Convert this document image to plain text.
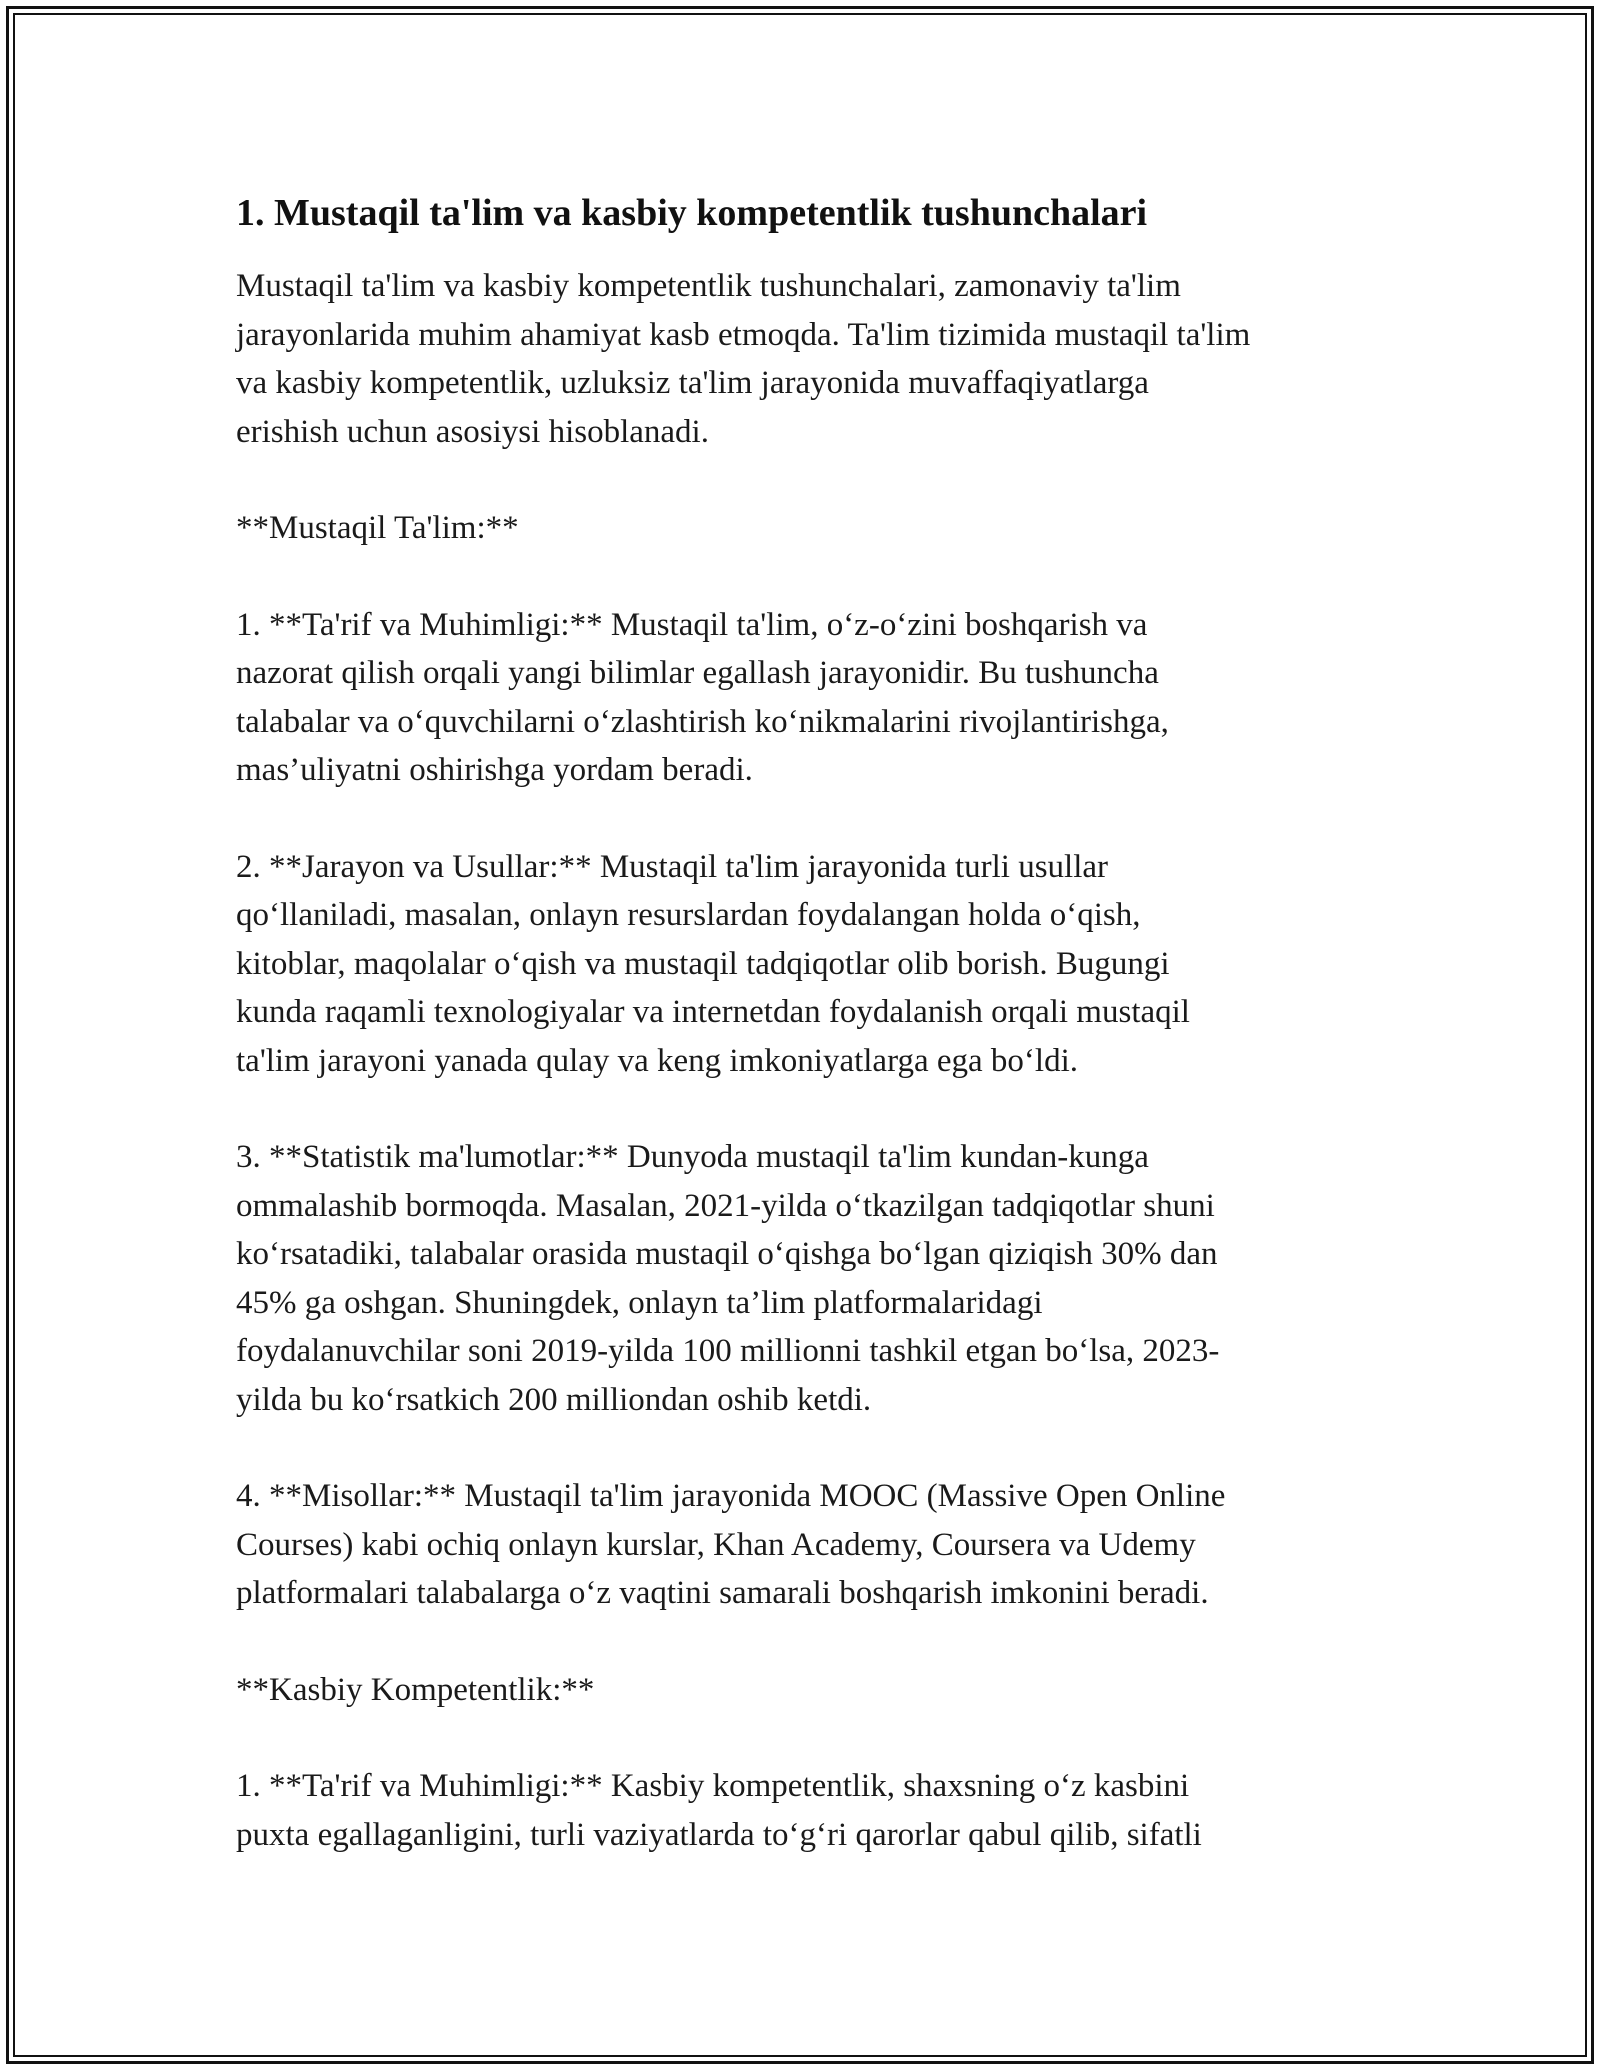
1. Mustaqil ta'lim va kasbiy kompetentlik tushunchalari

Mustaqil ta'lim va kasbiy kompetentlik tushunchalari, zamonaviy ta'lim
jarayonlarida muhim ahamiyat kasb etmoqda. Ta'lim tizimida mustaqil ta'lim
va kasbiy kompetentlik, uzluksiz ta'lim jarayonida muvaffaqiyatlarga
erishish uchun asosiysi hisoblanadi.

**Mustaqil Ta'lim:**

1. **Ta'rif va Muhimligi:** Mustaqil ta'lim, o‘z-o‘zini boshqarish va
nazorat qilish orqali yangi bilimlar egallash jarayonidir. Bu tushuncha
talabalar va o‘quvchilarni o‘zlashtirish ko‘nikmalarini rivojlantirishga,
mas’uliyatni oshirishga yordam beradi.

2. **Jarayon va Usullar:** Mustaqil ta'lim jarayonida turli usullar
qo‘llaniladi, masalan, onlayn resurslardan foydalangan holda o‘qish,
kitoblar, maqolalar o‘qish va mustaqil tadqiqotlar olib borish. Bugungi
kunda raqamli texnologiyalar va internetdan foydalanish orqali mustaqil
ta'lim jarayoni yanada qulay va keng imkoniyatlarga ega bo‘ldi.

3. **Statistik ma'lumotlar:** Dunyoda mustaqil ta'lim kundan-kunga
ommalashib bormoqda. Masalan, 2021-yilda o‘tkazilgan tadqiqotlar shuni
ko‘rsatadiki, talabalar orasida mustaqil o‘qishga bo‘lgan qiziqish 30% dan
45% ga oshgan. Shuningdek, onlayn ta’lim platformalaridagi
foydalanuvchilar soni 2019-yilda 100 millionni tashkil etgan bo‘lsa, 2023-
yilda bu ko‘rsatkich 200 milliondan oshib ketdi.

4. **Misollar:** Mustaqil ta'lim jarayonida MOOC (Massive Open Online
Courses) kabi ochiq onlayn kurslar, Khan Academy, Coursera va Udemy
platformalari talabalarga o‘z vaqtini samarali boshqarish imkonini beradi.

**Kasbiy Kompetentlik:**

1. **Ta'rif va Muhimligi:** Kasbiy kompetentlik, shaxsning o‘z kasbini
puxta egallaganligini, turli vaziyatlarda to‘g‘ri qarorlar qabul qilib, sifatli
